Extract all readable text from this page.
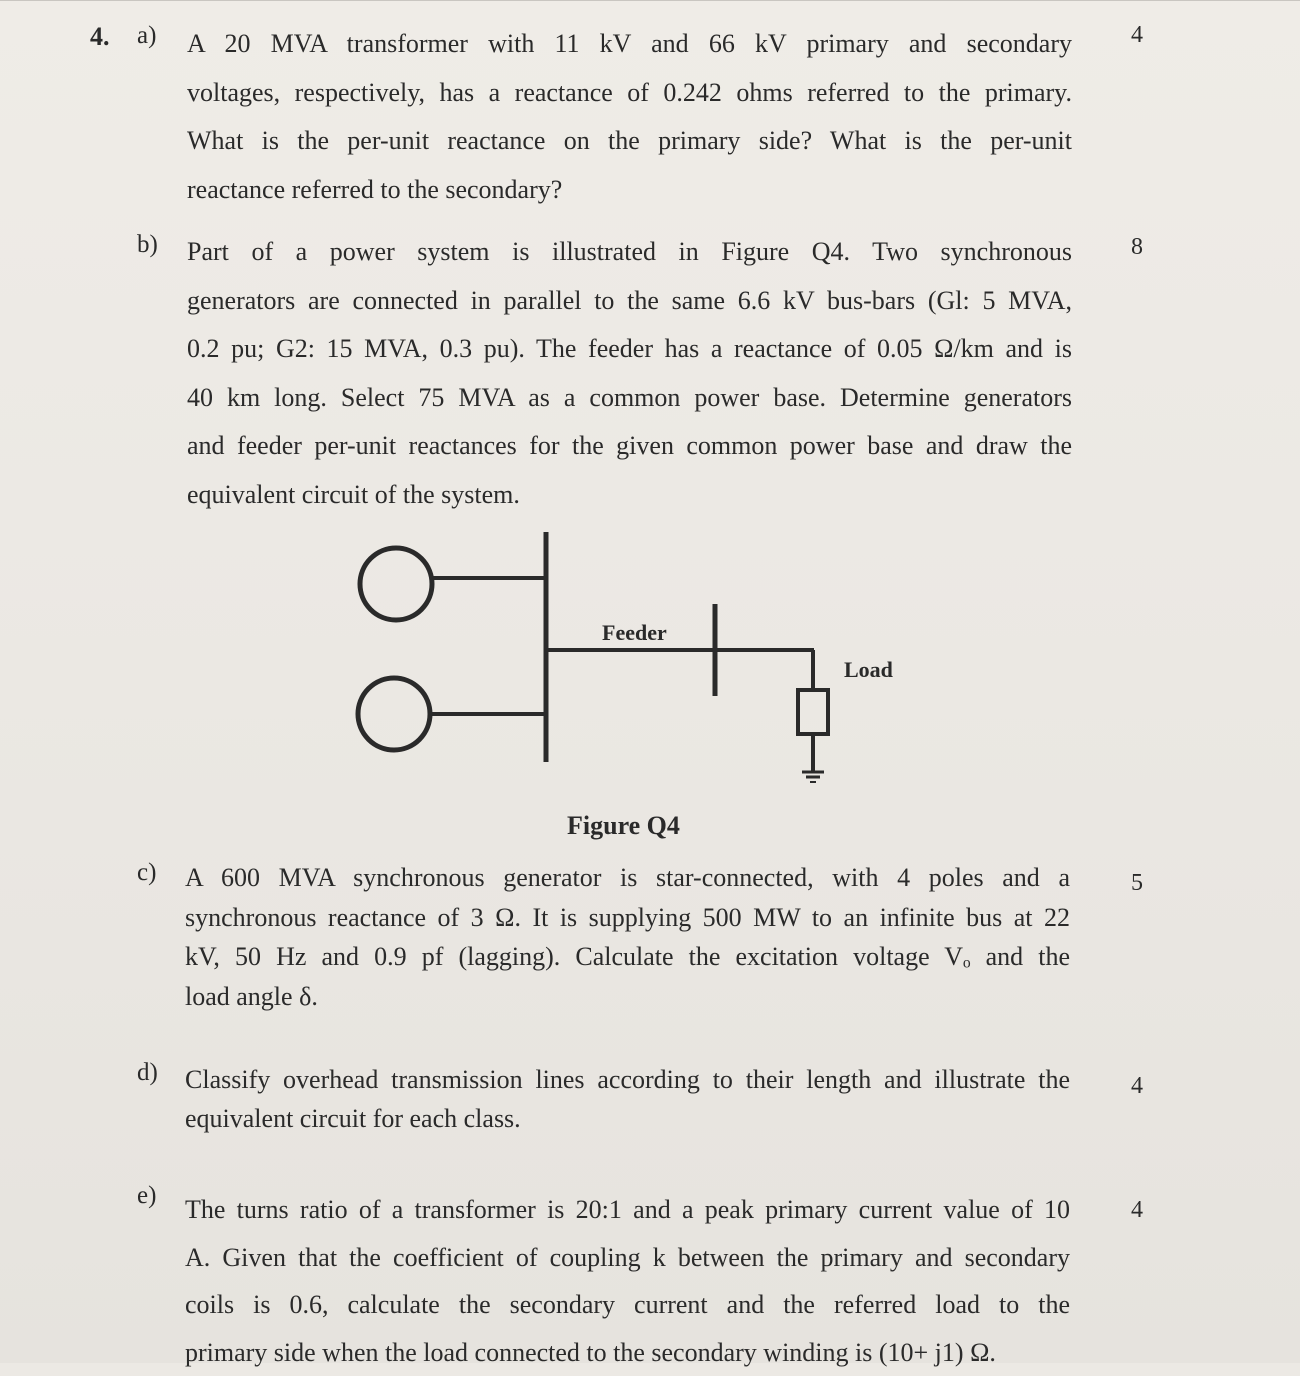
4. a) A 20 MVA transformer with 11 kV and 66 kV primary and secondary
voltages, respectively, has a reactance of 0.242 ohms referred to the primary.
What is the per-unit reactance on the primary side? What is the per-unit
reactance referred to the secondary?
4
b) Part of a power system is illustrated in Figure Q4. Two synchronous
generators are connected in parallel to the same 6.6 kV bus-bars (Gl: 5 MVA,
0.2 pu; G2: 15 MVA, 0.3 pu). The feeder has a reactance of 0.05 Ω/km and is
40 km long. Select 75 MVA as a common power base. Determine generators
and feeder per-unit reactances for the given common power base and draw the
equivalent circuit of the system.
8
Feeder
Load
Figure Q4
c) A 600 MVA synchronous generator is star-connected, with 4 poles and a
synchronous reactance of 3 Ω. It is supplying 500 MW to an infinite bus at 22
kV, 50 Hz and 0.9 pf (lagging). Calculate the excitation voltage Vₒ and the
load angle δ.
5
d) Classify overhead transmission lines according to their length and illustrate the
equivalent circuit for each class.
4
e) The turns ratio of a transformer is 20:1 and a peak primary current value of 10
A. Given that the coefficient of coupling k between the primary and secondary
coils is 0.6, calculate the secondary current and the referred load to the
primary side when the load connected to the secondary winding is (10+ j1) Ω.
4
